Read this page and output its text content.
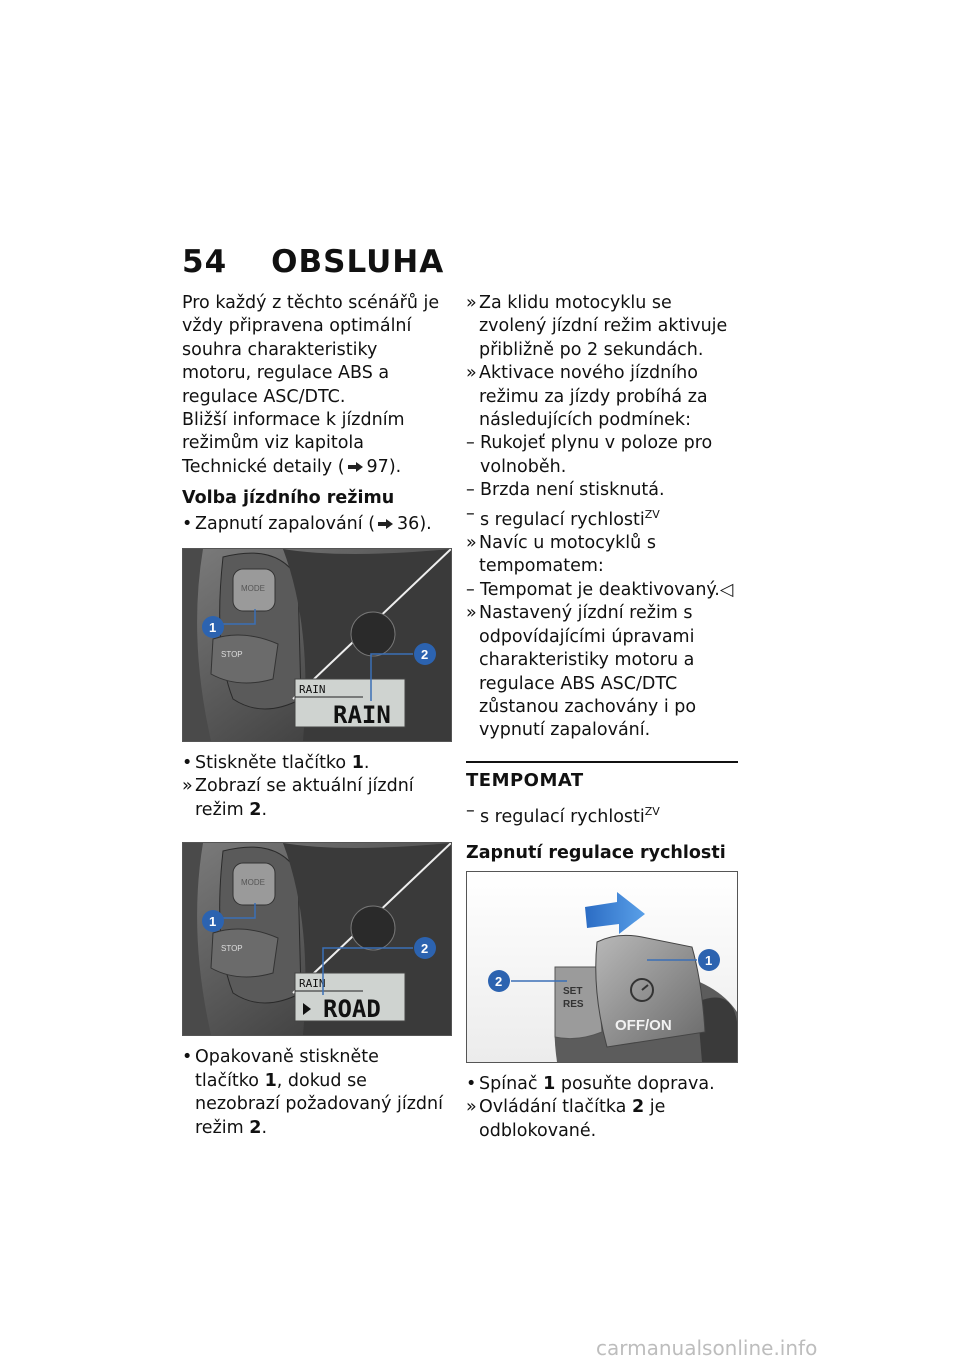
54 OBSLUHA

Pro každý z těchto scénářů je vždy připravena optimální souhra charakteristiky motoru, regulace ABS a regulace ASC/DTC.

Bližší informace k jízdním režimům viz kapitola Technické detaily ( 97).

Volba jízdního režimu

• Zapnutí zapalování ( 36).
MODE
STOP
RAIN
RAIN
1
2
• Stiskněte tlačítko 1.
» Zobrazí se aktuální jízdní režim 2.
MODE
STOP
RAIN
ROAD
1
2
• Opakovaně stiskněte tlačítko 1, dokud se nezobrazí požadovaný jízdní režim 2.
» Za klidu motocyklu se zvolený jízdní režim aktivuje přibližně po 2 sekundách.
» Aktivace nového jízdního režimu za jízdy probíhá za následujících podmínek:
– Rukojeť plynu v poloze pro volnoběh.
– Brzda není stisknutá.
– s regulací rychlosti$^{ZV}$
» Navíc u motocyklů s tempomatem:
– Tempomat je deaktivovaný.◁
» Nastavený jízdní režim s odpovídajícími úpravami charakteristiky motoru a regulace ABS ASC/DTC zůstanou zachovány i po vypnutí zapalování.
TEMPOMAT
– s regulací rychlosti$^{ZV}$

Zapnutí regulace rychlosti

SET
RES
OFF/ON
1
2
• Spínač 1 posuňte doprava.
» Ovládání tlačítka 2 je odblokované.
carmanualsonline.info
